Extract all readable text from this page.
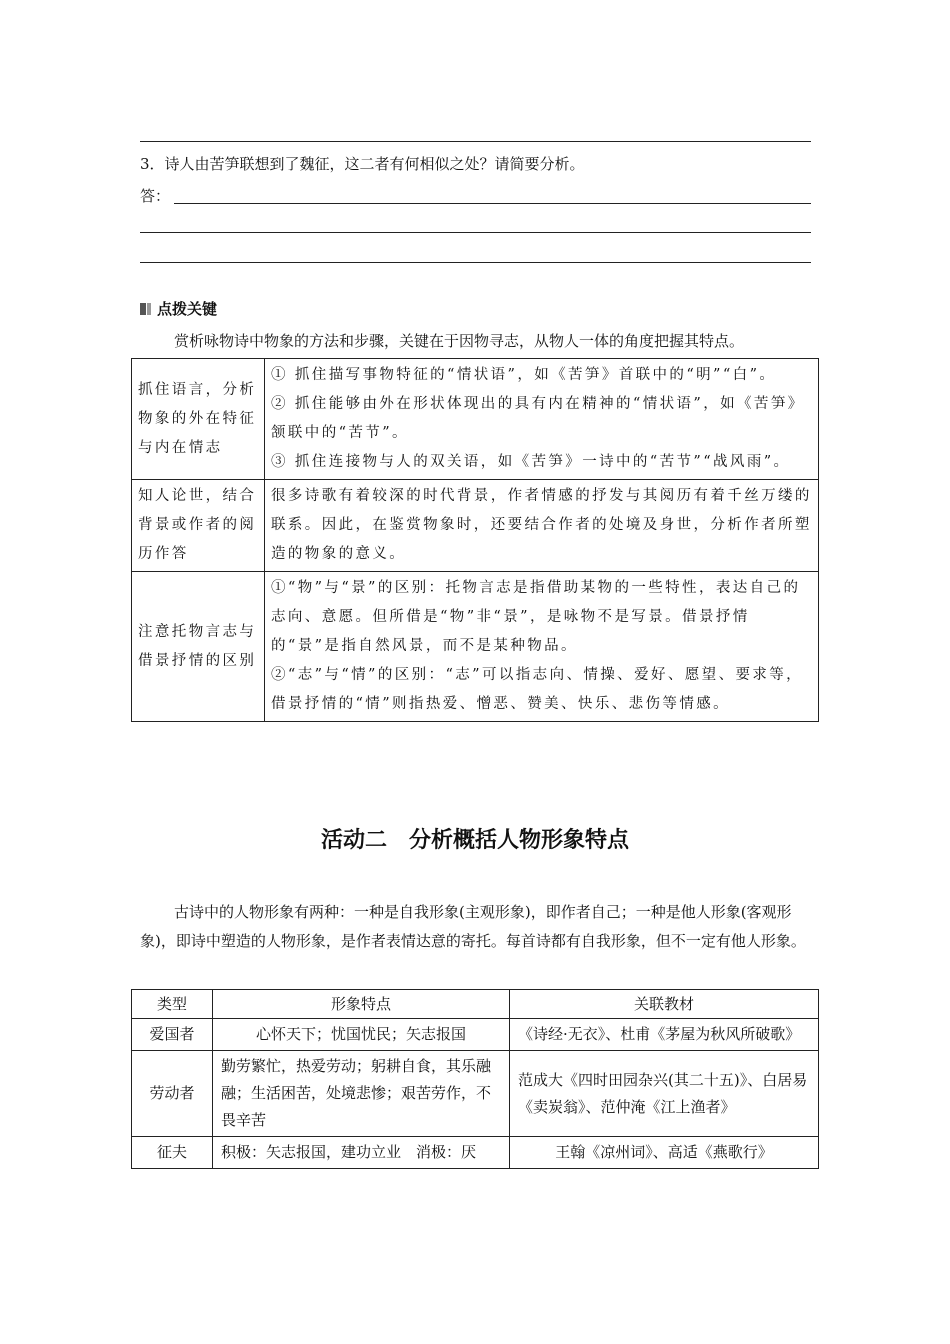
3．诗人由苦笋联想到了魏征，这二者有何相似之处？请简要分析。
答：
点拨关键
赏析咏物诗中物象的方法和步骤，关键在于因物寻志，从物人一体的角度把握其特点。
抓住语言，分析物象的外在特征与内在情志	① 抓住描写事物特征的“情状语”，如《苦笋》首联中的“明”“白”。
② 抓住能够由外在形状体现出的具有内在精神的“情状语”，如《苦笋》颔联中的“苦节”。
③ 抓住连接物与人的双关语，如《苦笋》一诗中的“苦节”“战风雨”。

知人论世，结合背景或作者的阅历作答	很多诗歌有着较深的时代背景，作者情感的抒发与其阅历有着千丝万缕的联系。因此，在鉴赏物象时，还要结合作者的处境及身世，分析作者所塑造的物象的意义。

注意托物言志与借景抒情的区别	①“物”与“景”的区别：托物言志是指借助某物的一些特性，表达自己的志向、意愿。但所借是“物”非“景”，是咏物不是写景。借景抒情的“景”是指自然风景，而不是某种物品。
②“志”与“情”的区别：“志”可以指志向、情操、爱好、愿望、要求等，借景抒情的“情”则指热爱、憎恶、赞美、快乐、悲伤等情感。
活动二　分析概括人物形象特点
古诗中的人物形象有两种：一种是自我形象(主观形象)，即作者自己；一种是他人形象(客观形象)，即诗中塑造的人物形象，是作者表情达意的寄托。每首诗都有自我形象，但不一定有他人形象。
类型	形象特点	关联教材
爱国者	心怀天下；忧国忧民；矢志报国	《诗经·无衣》、杜甫《茅屋为秋风所破歌》
劳动者	勤劳繁忙，热爱劳动；躬耕自食，其乐融融；生活困苦，处境悲惨；艰苦劳作，不畏辛苦	范成大《四时田园杂兴(其二十五)》、白居易《卖炭翁》、范仲淹《江上渔者》
征夫	积极：矢志报国，建功立业　消极：厌	王翰《凉州词》、高适《燕歌行》
